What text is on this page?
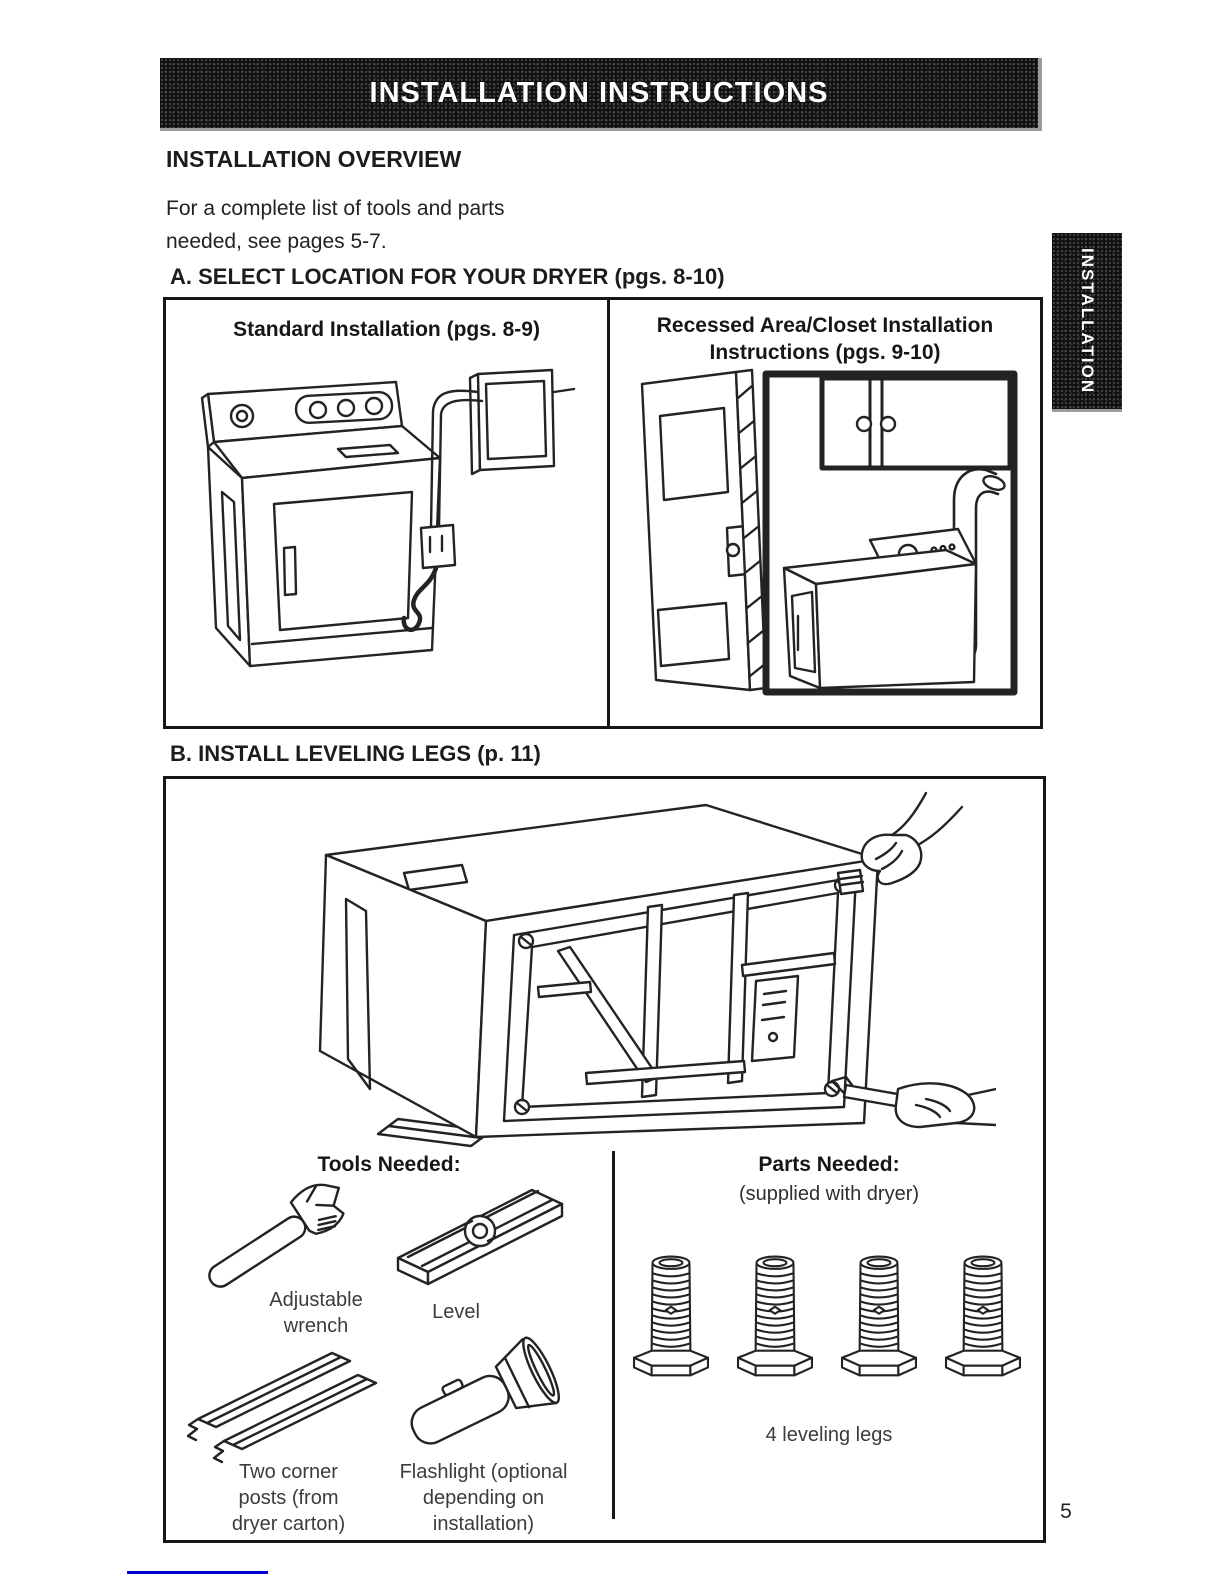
INSTALLATION INSTRUCTIONS
INSTALLATION
INSTALLATION OVERVIEW
For a complete list of tools and parts needed, see pages 5-7.
A. SELECT LOCATION FOR YOUR DRYER (pgs. 8-10)
Standard Installation (pgs. 8-9)	Recessed Area/Closet Installation Instructions (pgs. 9-10)
B. INSTALL LEVELING LEGS (p. 11)
Tools Needed:
Adjustable wrench
Level
Two corner posts (from dryer carton)
Flashlight (optional depending on installation)
Parts Needed:
(supplied with dryer)
4 leveling legs
5
